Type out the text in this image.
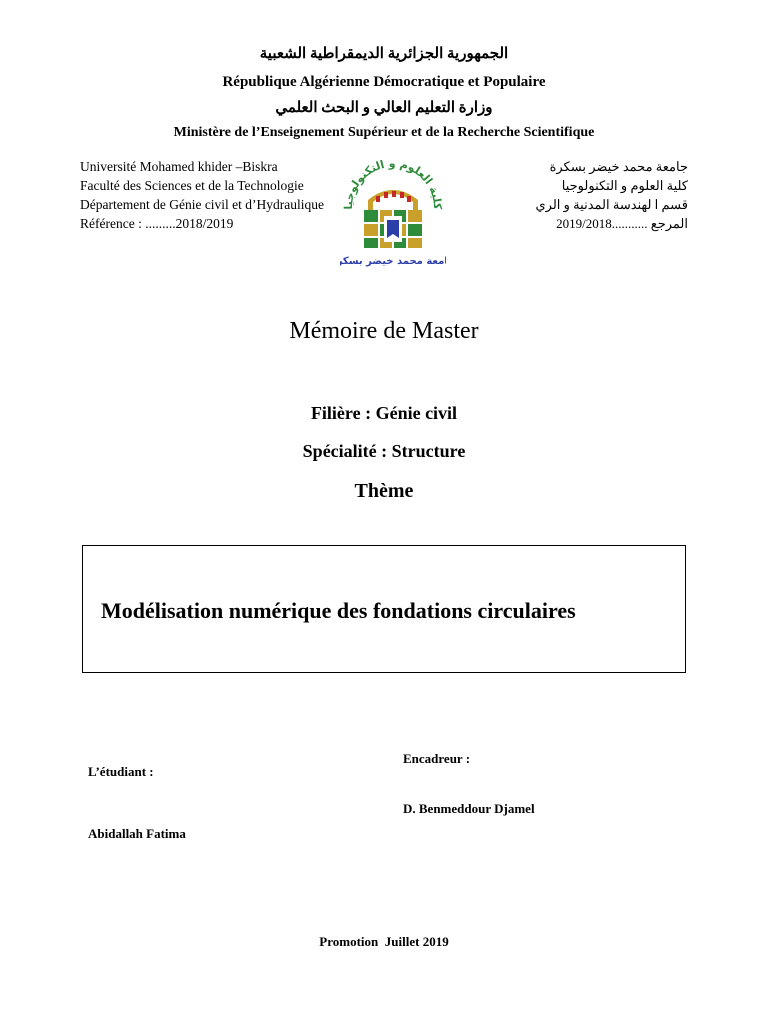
الجمهورية الجزائرية الديمقراطية الشعبية
République Algérienne Démocratique et Populaire
وزارة التعليم العالي و البحث العلمي
Ministère de l’Enseignement Supérieur et de la Recherche Scientifique
Université Mohamed khider –Biskra
Faculté des Sciences et de la Technologie
Département de Génie civil et d’Hydraulique
Référence : .........2018/2019
جامعة محمد خيضر بسكرة
كلية العلوم و التكنولوجيا
قسم ا لهندسة المدنية و الري
المرجع ...........2019/2018
كلية العلوم و التكنولوجيا
معة محمد خيضر بسك
Mémoire de Master
Filière : Génie civil
Spécialité : Structure
Thème
Modélisation numérique des fondations circulaires
Encadreur :
D. Benmeddour Djamel
L’étudiant :
Abidallah Fatima
Promotion  Juillet 2019
